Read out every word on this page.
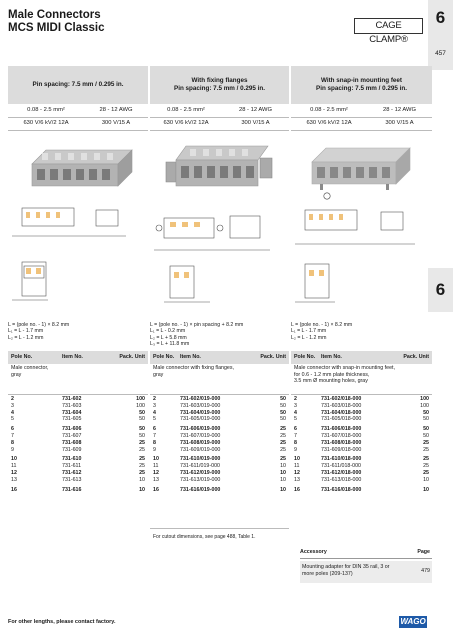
Male Connectors
MCS MIDI Classic	CAGE CLAMP®
6
457
6
Pin spacing: 7.5 mm / 0.295 in.
With fixing flanges
Pin spacing: 7.5 mm / 0.295 in.
With snap-in mounting feet
Pin spacing: 7.5 mm / 0.295 in.
0.08 - 2.5 mm²	28 - 12 AWG
630 V/6 kV/2 12A	300 V/15 A
0.08 - 2.5 mm²	28 - 12 AWG
630 V/6 kV/2 12A	300 V/15 A
0.08 - 2.5 mm²	28 - 12 AWG
630 V/6 kV/2 12A	300 V/15 A
L = (pole no. - 1) × 8.2 mm
L₁ = L - 1.7 mm
L₂ = L - 1.2 mm
L = (pole no. - 1) × pin spacing + 8.2 mm
L₁ = L - 0.2 mm
L₂ = L + 5.8 mm
L₃ = L + 11.8 mm
L = (pole no. - 1) × 8.2 mm
L₁ = L - 1.7 mm
L₂ = L - 1.2 mm
Pole No.	Item No.	Pack. Unit
Male connector,
gray
2	731-602	100
3	731-603	100
4	731-604	50
5	731-605	50
6	731-606	50
7	731-607	50
8	731-608	25
9	731-609	25
10	731-610	25
11	731-611	25
12	731-612	25
13	731-613	10
16	731-616	10
Pole No. Item No.	Pack. Unit
Male connector with fixing flanges,
gray
2	731-602/019-000	50
3	731-603/019-000	50
4	731-604/019-000	50
5	731-605/019-000	50
6	731-606/019-000	25
7	731-607/019-000	25
8	731-608/019-000	25
9	731-609/019-000	25
10	731-610/019-000	25
11	731-611/019-000	10
12	731-612/019-000	10
13	731-613/019-000	10
16	731-616/019-000	10
Pole No. Item No.	Pack. Unit
Male connector with snap-in mounting feet,
for 0.6 - 1.2 mm plate thickness,
3.5 mm Ø mounting holes, gray
2	731-602/018-000	100
3	731-603/018-000	100
4	731-604/018-000	50
5	731-605/018-000	50
6	731-606/018-000	50
7	731-607/018-000	50
8	731-608/018-000	25
9	731-609/018-000	25
10	731-610/018-000	25
11	731-611/018-000	25
12	731-612/018-000	25
13	731-613/018-000	10
16	731-616/018-000	10
For cutout dimensions, see page 488, Table 1.
Accessory	Page
Mounting adapter for DIN 35 rail, 3 or more poles (209-137)	479
For other lengths, please contact factory.	WAGO
